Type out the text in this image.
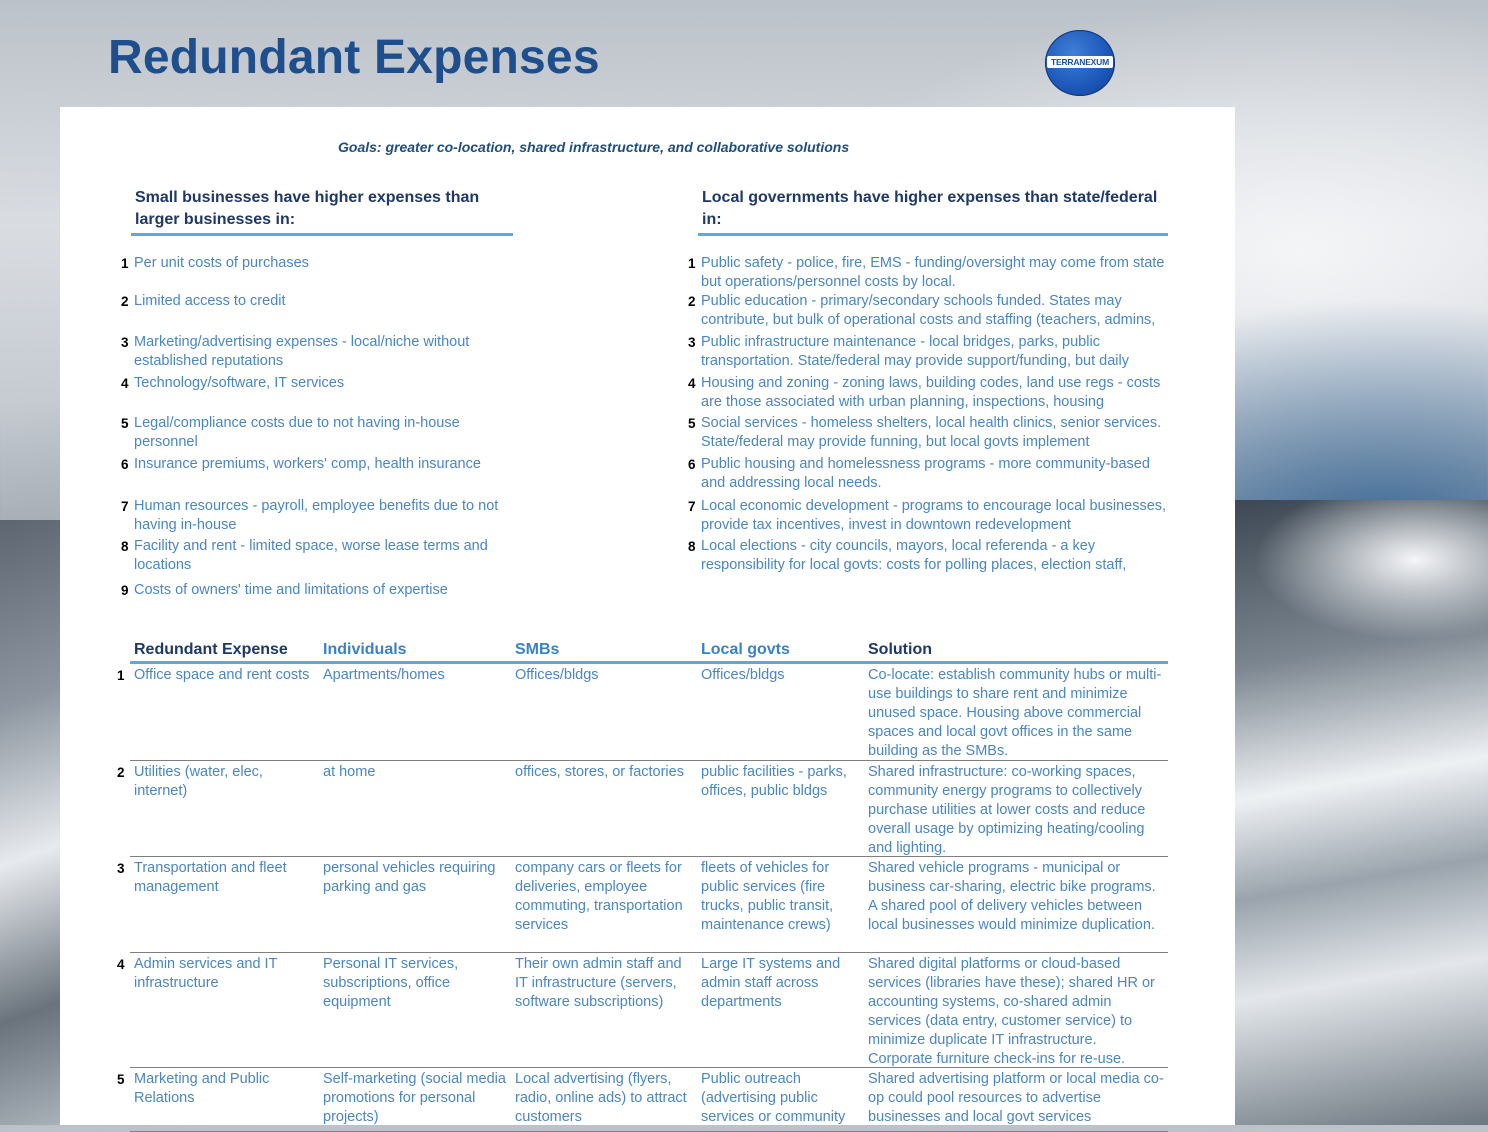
Redundant Expenses	TERRANEXUM
Goals: greater co-location, shared infrastructure, and collaborative solutions
Small businesses have higher expenses than larger businesses in:
Local governments have higher expenses than state/federal in:
1 Per unit costs of purchases
2 Limited access to credit
3 Marketing/advertising expenses - local/niche without established reputations
4 Technology/software, IT services
5 Legal/compliance costs due to not having in-house personnel
6 Insurance premiums, workers' comp, health insurance
7 Human resources - payroll, employee benefits due to not having in-house
8 Facility and rent - limited space, worse lease terms and locations
9 Costs of owners' time and limitations of expertise
1 Public safety - police, fire, EMS - funding/oversight may come from state but operations/personnel costs by local.
2 Public education - primary/secondary schools funded. States may contribute, but bulk of operational costs and staffing (teachers, admins,
3 Public infrastructure maintenance - local bridges, parks, public transportation. State/federal may provide support/funding, but daily
4 Housing and zoning - zoning laws, building codes, land use regs - costs are those associated with urban planning, inspections, housing
5 Social services - homeless shelters, local health clinics, senior services. State/federal may provide funning, but local govts implement
6 Public housing and homelessness programs - more community-based and addressing local needs.
7 Local economic development - programs to encourage local businesses, provide tax incentives, invest in downtown redevelopment
8 Local elections - city councils, mayors, local referenda - a key responsibility for local govts: costs for polling places, election staff,
Redundant Expense	Individuals	SMBs	Local govts	Solution

1 Office space and rent costs	Apartments/homes	Offices/bldgs	Offices/bldgs	Co-locate: establish community hubs or multi-use buildings to share rent and minimize unused space. Housing above commercial spaces and local govt offices in the same building as the SMBs.

2 Utilities (water, elec, internet)	at home	offices, stores, or factories	public facilities - parks, offices, public bldgs	Shared infrastructure: co-working spaces, community energy programs to collectively purchase utilities at lower costs and reduce overall usage by optimizing heating/cooling and lighting.

3 Transportation and fleet management	personal vehicles requiring parking and gas	company cars or fleets for deliveries, employee commuting, transportation services	fleets of vehicles for public services (fire trucks, public transit, maintenance crews)	Shared vehicle programs - municipal or business car-sharing, electric bike programs. A shared pool of delivery vehicles between local businesses would minimize duplication.

4 Admin services and IT infrastructure	Personal IT services, subscriptions, office equipment	Their own admin staff and IT infrastructure (servers, software subscriptions)	Large IT systems and admin staff across departments	Shared digital platforms or cloud-based services (libraries have these); shared HR or accounting systems, co-shared admin services (data entry, customer service) to minimize duplicate IT infrastructure. Corporate furniture check-ins for re-use.

5 Marketing and Public Relations	Self-marketing (social media promotions for personal projects)	Local advertising (flyers, radio, online ads) to attract customers	Public outreach (advertising public services or community	Shared advertising platform or local media co-op could pool resources to advertise businesses and local govt services
